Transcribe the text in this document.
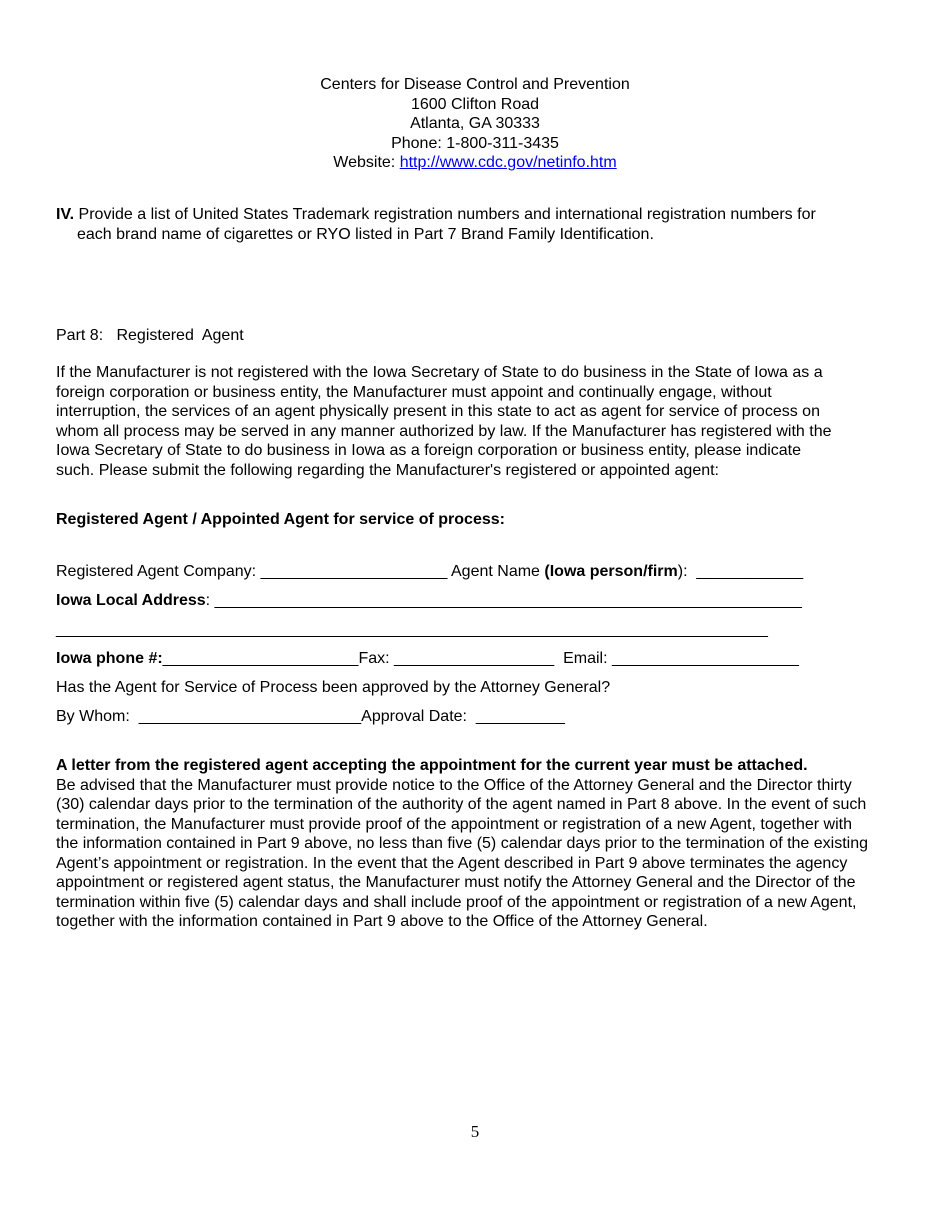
Centers for Disease Control and Prevention
1600 Clifton Road
Atlanta, GA 30333
Phone: 1-800-311-3435
Website: http://www.cdc.gov/netinfo.htm
IV. Provide a list of United States Trademark registration numbers and international registration numbers for
each brand name of cigarettes or RYO listed in Part 7 Brand Family Identification.
Part 8:   Registered  Agent
If the Manufacturer is not registered with the Iowa Secretary of State to do business in the State of Iowa as a
foreign corporation or business entity, the Manufacturer must appoint and continually engage, without
interruption, the services of an agent physically present in this state to act as agent for service of process on
whom all process may be served in any manner authorized by law. If the Manufacturer has registered with the
Iowa Secretary of State to do business in Iowa as a foreign corporation or business entity, please indicate
such. Please submit the following regarding the Manufacturer's registered or appointed agent:
Registered Agent / Appointed Agent for service of process:
Registered Agent Company: _____________________ Agent Name (Iowa person/firm):  ____________
Iowa Local Address: __________________________________________________________________
________________________________________________________________________________
Iowa phone #:______________________Fax: __________________  Email: _____________________
Has the Agent for Service of Process been approved by the Attorney General?
By Whom:  _________________________Approval Date:  __________
A letter from the registered agent accepting the appointment for the current year must be attached.
Be advised that the Manufacturer must provide notice to the Office of the Attorney General and the Director thirty
(30) calendar days prior to the termination of the authority of the agent named in Part 8 above. In the event of such
termination, the Manufacturer must provide proof of the appointment or registration of a new Agent, together with
the information contained in Part 9 above, no less than five (5) calendar days prior to the termination of the existing
Agent’s appointment or registration. In the event that the Agent described in Part 9 above terminates the agency
appointment or registered agent status, the Manufacturer must notify the Attorney General and the Director of the
termination within five (5) calendar days and shall include proof of the appointment or registration of a new Agent,
together with the information contained in Part 9 above to the Office of the Attorney General.
5
